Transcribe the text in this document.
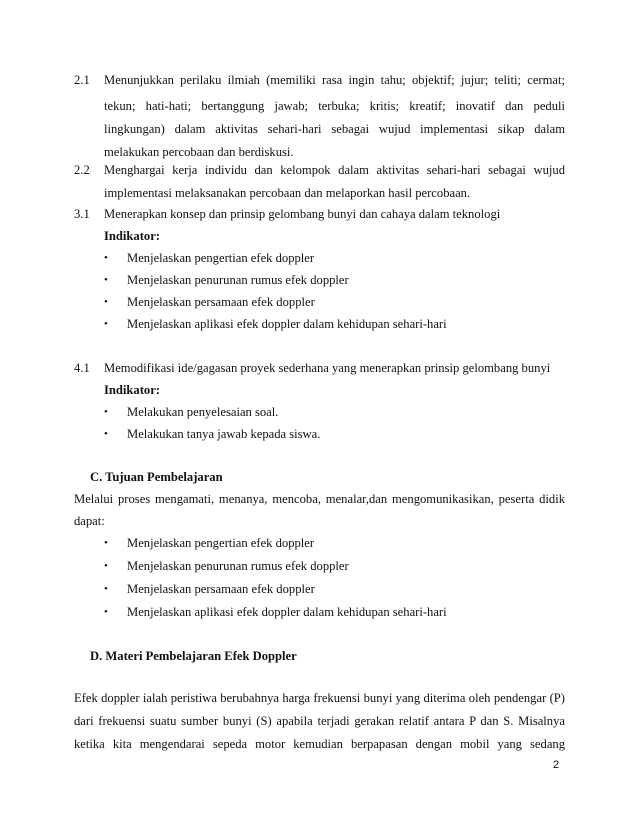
2.1 Menunjukkan perilaku ilmiah (memiliki rasa ingin tahu; objektif; jujur; teliti; cermat;
tekun; hati-hati; bertanggung jawab; terbuka; kritis; kreatif; inovatif dan peduli
lingkungan) dalam aktivitas sehari-hari sebagai wujud implementasi sikap dalam
melakukan percobaan dan berdiskusi.
2.2 Menghargai kerja individu dan kelompok dalam aktivitas sehari-hari sebagai wujud
implementasi melaksanakan percobaan dan melaporkan hasil percobaan.
3.1 Menerapkan konsep dan prinsip gelombang bunyi dan cahaya dalam teknologi
Indikator:
• Menjelaskan pengertian efek doppler
• Menjelaskan penurunan rumus efek doppler
• Menjelaskan persamaan efek doppler
• Menjelaskan aplikasi efek doppler dalam kehidupan sehari-hari
4.1 Memodifikasi ide/gagasan proyek sederhana yang menerapkan prinsip gelombang bunyi
Indikator:
• Melakukan penyelesaian soal.
• Melakukan tanya jawab kepada siswa.
C. Tujuan Pembelajaran
Melalui proses mengamati, menanya, mencoba, menalar,dan mengomunikasikan, peserta didik
dapat:
• Menjelaskan pengertian efek doppler
• Menjelaskan penurunan rumus efek doppler
• Menjelaskan persamaan efek doppler
• Menjelaskan aplikasi efek doppler dalam kehidupan sehari-hari
D. Materi Pembelajaran Efek Doppler
Efek doppler ialah peristiwa berubahnya harga frekuensi bunyi yang diterima oleh pendengar (P)
dari frekuensi suatu sumber bunyi (S) apabila terjadi gerakan relatif antara P dan S. Misalnya
ketika kita mengendarai sepeda motor kemudian berpapasan dengan mobil yang sedang
2
